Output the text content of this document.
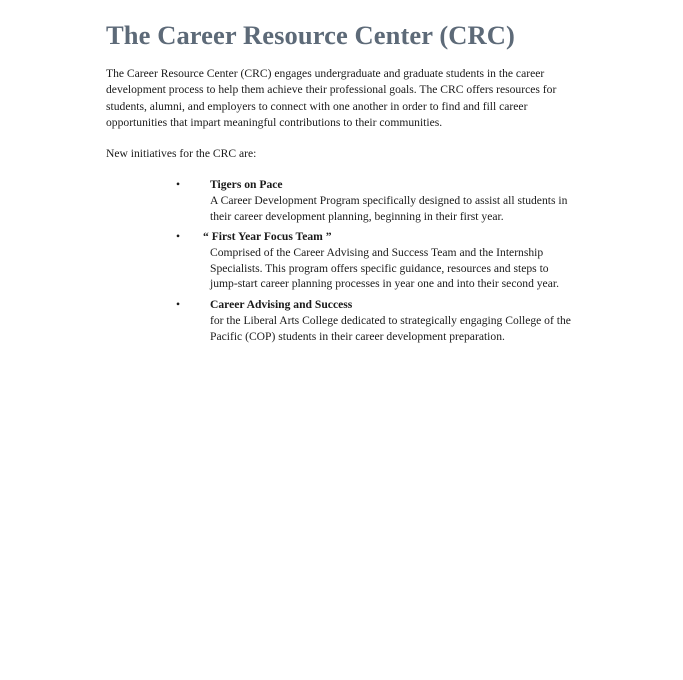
The Career Resource Center (CRC)

The Career Resource Center (CRC) engages undergraduate and graduate students in the career
development process to help them achieve their professional goals. The CRC offers resources for
students, alumni, and employers to connect with one another in order to find and fill career
opportunities that impart meaningful contributions to their communities.

New initiatives for the CRC are:

•	Tigers on Pace
A Career Development Program specifically designed to assist all students in
their career development planning, beginning in their first year.
• “ First Year Focus Team ”
Comprised of the Career Advising and Success Team and the Internship
Specialists. This program offers specific guidance, resources and steps to
jump-start career planning processes in year one and into their second year.
•	Career Advising and Success
for the Liberal Arts College dedicated to strategically engaging College of the
Pacific (COP) students in their career development preparation.
